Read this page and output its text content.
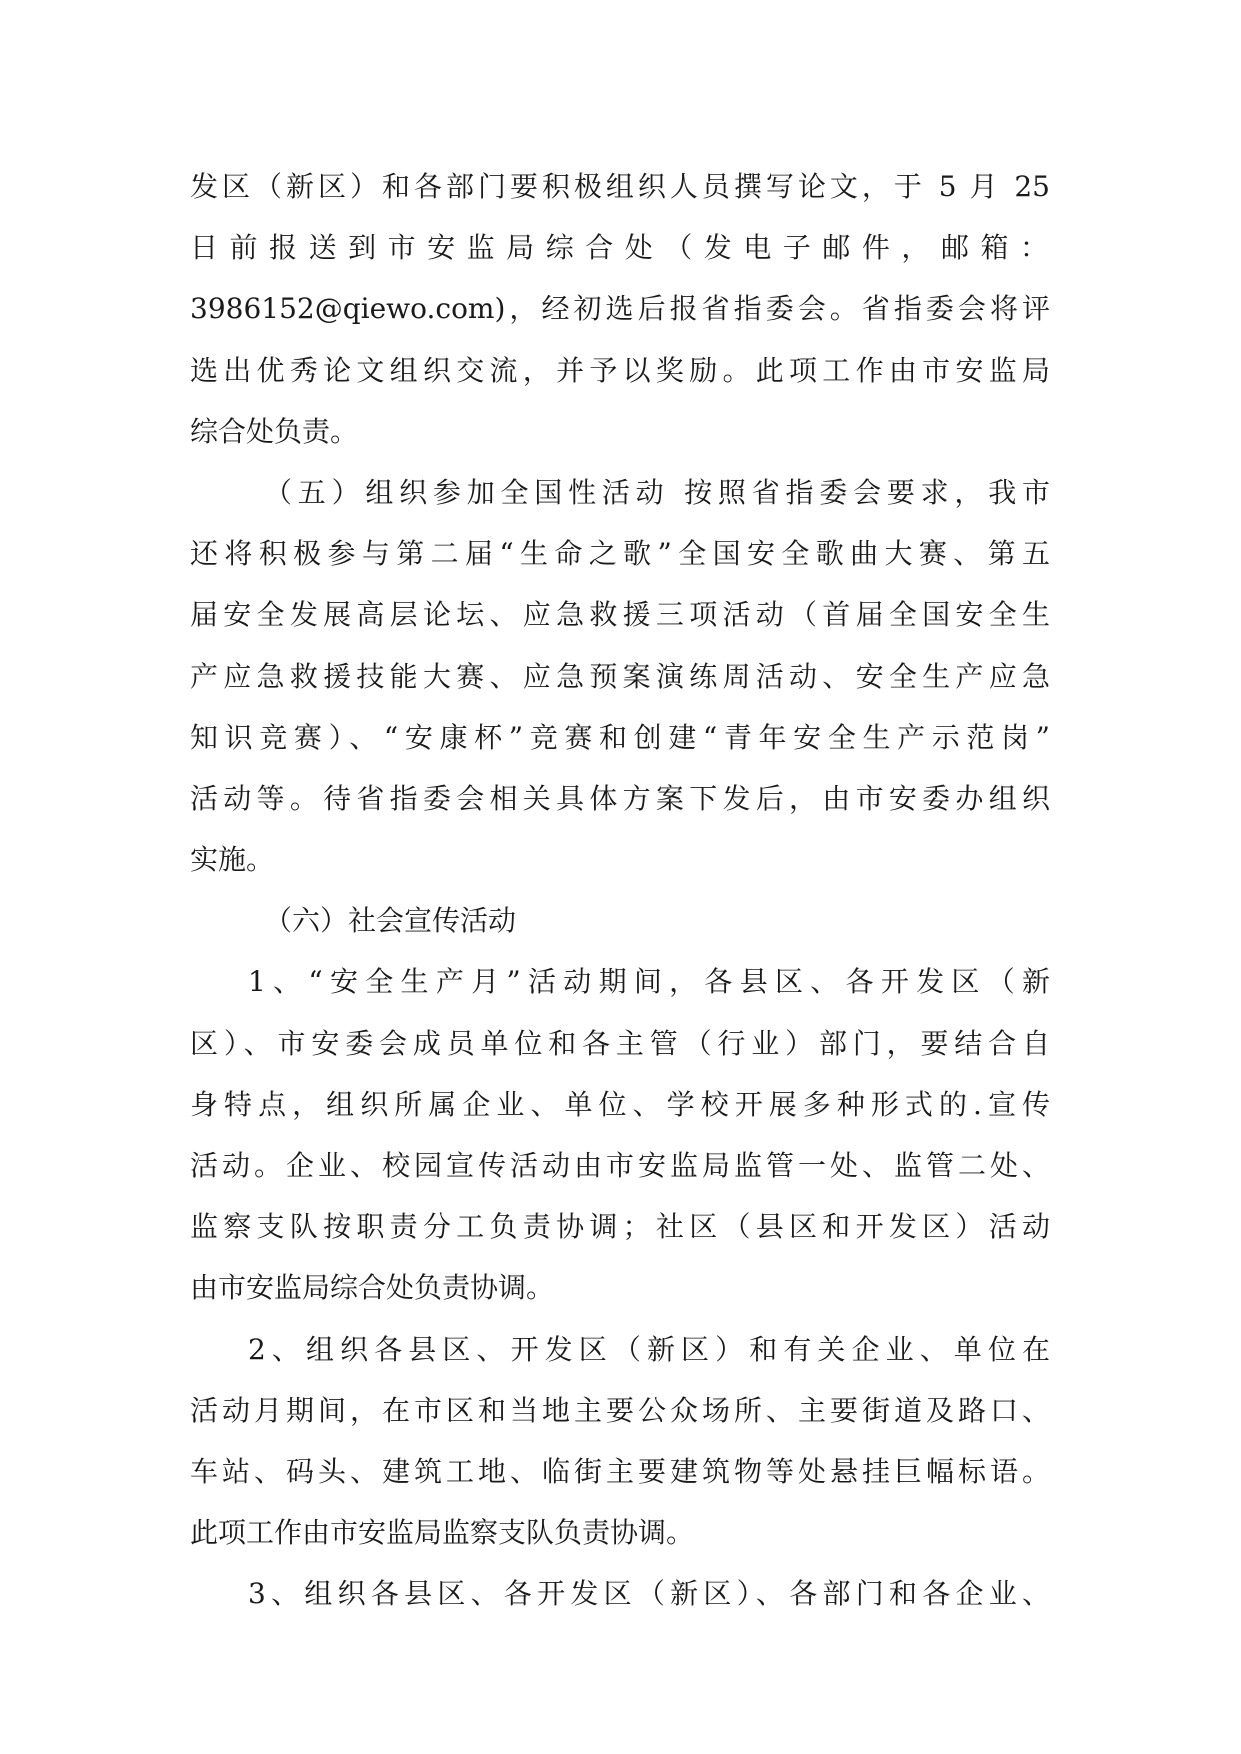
发区（新区）和各部门要积极组织人员撰写论文，于 5 月 25
日前报送到市安监局综合处（发电子邮件，邮箱：
3986152@qiewo.com)，经初选后报省指委会。省指委会将评
选出优秀论文组织交流，并予以奖励。此项工作由市安监局
综合处负责。
（五）组织参加全国性活动 按照省指委会要求，我市
还将积极参与第二届“生命之歌”全国安全歌曲大赛、第五
届安全发展高层论坛、应急救援三项活动（首届全国安全生
产应急救援技能大赛、应急预案演练周活动、安全生产应急
知识竞赛）、“安康杯”竞赛和创建“青年安全生产示范岗”
活动等。待省指委会相关具体方案下发后，由市安委办组织
实施。
（六）社会宣传活动
1、“安全生产月”活动期间，各县区、各开发区（新
区）、市安委会成员单位和各主管（行业）部门，要结合自
身特点，组织所属企业、单位、学校开展多种形式的.宣传
活动。企业、校园宣传活动由市安监局监管一处、监管二处、
监察支队按职责分工负责协调；社区（县区和开发区）活动
由市安监局综合处负责协调。
2、组织各县区、开发区（新区）和有关企业、单位在
活动月期间，在市区和当地主要公众场所、主要街道及路口、
车站、码头、建筑工地、临街主要建筑物等处悬挂巨幅标语。
此项工作由市安监局监察支队负责协调。
3、组织各县区、各开发区（新区）、各部门和各企业、
